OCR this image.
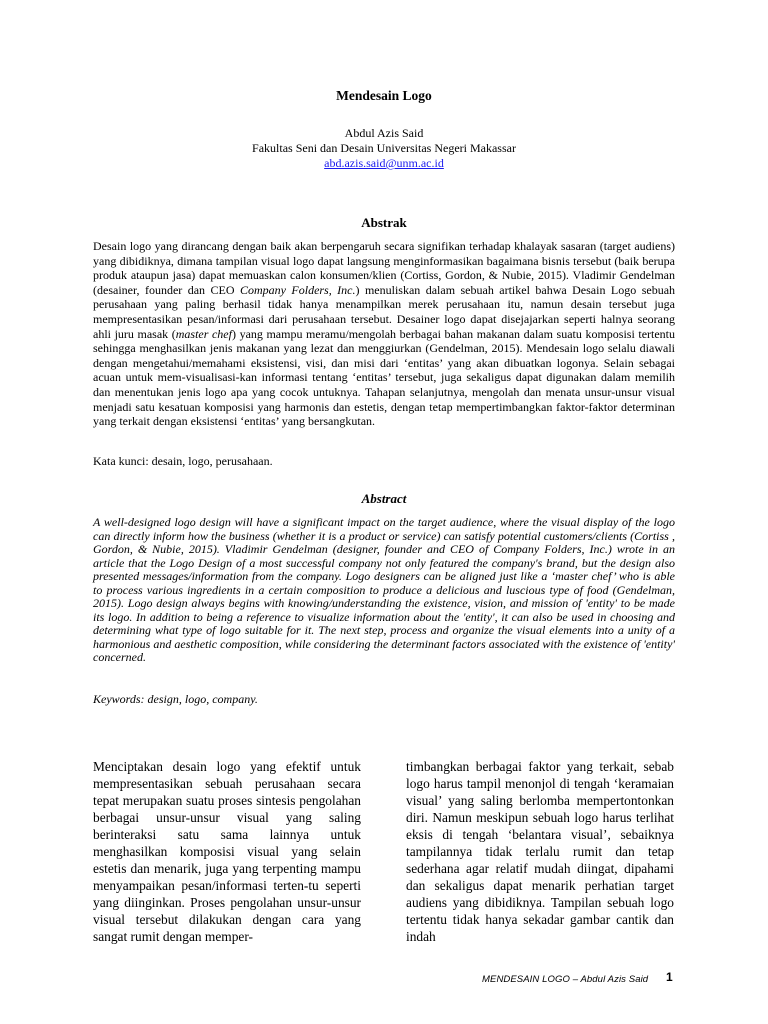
Mendesain Logo
Abdul Azis Said
Fakultas Seni dan Desain Universitas Negeri Makassar
abd.azis.said@unm.ac.id
Abstrak
Desain logo yang dirancang dengan baik akan berpengaruh secara signifikan terhadap khalayak sasaran (target audiens) yang dibidiknya, dimana tampilan visual logo dapat langsung menginformasikan bagaimana bisnis tersebut (baik berupa produk ataupun jasa) dapat memuaskan calon konsumen/klien (Cortiss, Gordon, & Nubie, 2015). Vladimir Gendelman (desainer, founder dan CEO Company Folders, Inc.) menuliskan dalam sebuah artikel bahwa Desain Logo sebuah perusahaan yang paling berhasil tidak hanya menampilkan merek perusahaan itu, namun desain tersebut juga mempresentasikan pesan/informasi dari perusahaan tersebut. Desainer logo dapat disejajarkan seperti halnya seorang ahli juru masak (master chef) yang mampu meramu/mengolah berbagai bahan makanan dalam suatu komposisi tertentu sehingga menghasilkan jenis makanan yang lezat dan menggiurkan (Gendelman, 2015). Mendesain logo selalu diawali dengan mengetahui/memahami eksistensi, visi, dan misi dari ‘entitas’ yang akan dibuatkan logonya. Selain sebagai acuan untuk mem-visualisasi-kan informasi tentang ‘entitas’ tersebut, juga sekaligus dapat digunakan dalam memilih dan menentukan jenis logo apa yang cocok untuknya. Tahapan selanjutnya, mengolah dan menata unsur-unsur visual menjadi satu kesatuan komposisi yang harmonis dan estetis, dengan tetap mempertimbangkan faktor-faktor determinan yang terkait dengan eksistensi ‘entitas’ yang bersangkutan.
Kata kunci: desain, logo, perusahaan.
Abstract
A well-designed logo design will have a significant impact on the target audience, where the visual display of the logo can directly inform how the business (whether it is a product or service) can satisfy potential customers/clients (Cortiss , Gordon, & Nubie, 2015). Vladimir Gendelman (designer, founder and CEO of Company Folders, Inc.) wrote in an article that the Logo Design of a most successful company not only featured the company's brand, but the design also presented messages/information from the company. Logo designers can be aligned just like a ‘master chef’ who is able to process various ingredients in a certain composition to produce a delicious and luscious type of food (Gendelman, 2015). Logo design always begins with knowing/understanding the existence, vision, and mission of 'entity' to be made its logo. In addition to being a reference to visualize information about the 'entity', it can also be used in choosing and determining what type of logo suitable for it. The next step, process and organize the visual elements into a unity of a harmonious and aesthetic composition, while considering the determinant factors associated with the existence of 'entity' concerned.
Keywords: design, logo, company.
Menciptakan desain logo yang efektif untuk mempresentasikan sebuah perusahaan secara tepat merupakan suatu proses sintesis pengolahan berbagai unsur-unsur visual yang saling berinteraksi satu sama lainnya untuk menghasilkan komposisi visual yang selain estetis dan menarik, juga yang terpenting mampu menyampaikan pesan/informasi terten-tu seperti yang diinginkan. Proses pengolahan unsur-unsur visual tersebut dilakukan dengan cara yang sangat rumit dengan memper-
timbangkan berbagai faktor yang terkait, sebab logo harus tampil menonjol di tengah ‘keramaian visual’ yang saling berlomba mempertontonkan diri. Namun meskipun sebuah logo harus terlihat eksis di tengah ‘belantara visual’, sebaiknya tampilannya tidak terlalu rumit dan tetap sederhana agar relatif mudah diingat, dipahami dan sekaligus dapat menarik perhatian target audiens yang dibidiknya. Tampilan sebuah logo tertentu tidak hanya sekadar gambar cantik dan indah
MENDESAIN LOGO – Abdul Azis Said 1
